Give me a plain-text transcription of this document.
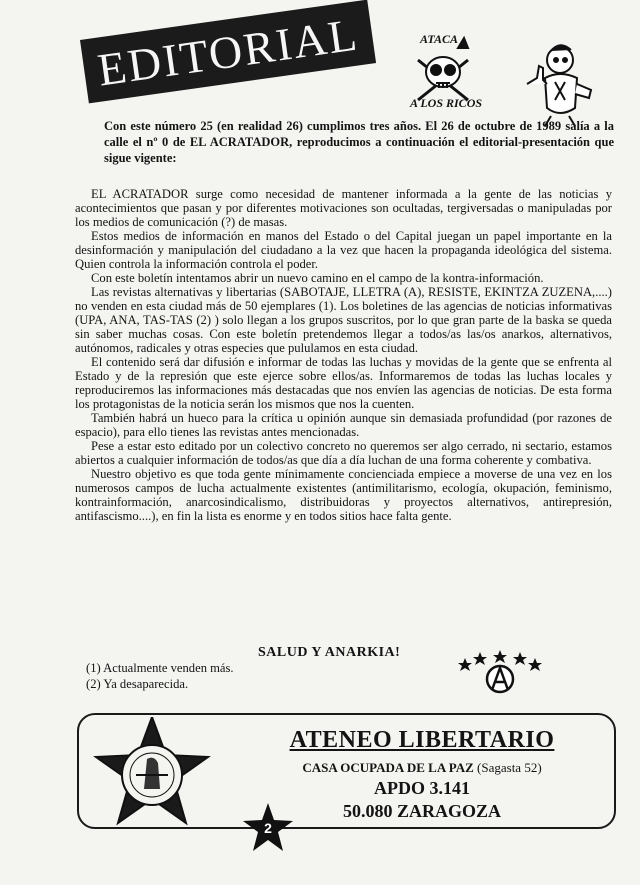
EDITORIAL	ATACA
A LOS RICOS
Con este número 25 (en realidad 26) cumplimos tres años. El 26 de octubre de 1989 salía a la calle el nº 0 de EL ACRATADOR, reproducimos a continuación el editorial-presentación que sigue vigente:

EL ACRATADOR surge como necesidad de mantener informada a la gente de las noticias y acontecimientos que pasan y por diferentes motivaciones son ocultadas, tergiversadas o manipuladas por los medios de comunicación (?) de masas.

Estos medios de información en manos del Estado o del Capital juegan un papel importante en la desinformación y manipulación del ciudadano a la vez que hacen la propaganda ideológica del sistema. Quien controla la información controla el poder.

Con este boletín intentamos abrir un nuevo camino en el campo de la kontra-información.

Las revistas alternativas y libertarias (SABOTAJE, LLETRA (A), RESISTE, EKINTZA ZUZENA,....) no venden en esta ciudad más de 50 ejemplares (1). Los boletines de las agencias de noticias informativas (UPA, ANA, TAS-TAS (2) ) solo llegan a los grupos suscritos, por lo que gran parte de la baska se queda sin saber muchas cosas. Con este boletín pretendemos llegar a todos/as las/os anarkos, alternativos, autónomos, radicales y otras especies que pululamos en esta ciudad.

El contenido será dar difusión e informar de todas las luchas y movidas de la gente que se enfrenta al Estado y de la represión que este ejerce sobre ellos/as. Informaremos de todas las luchas locales y reproduciremos las informaciones más destacadas que nos envíen las agencias de noticias. De esta forma los protagonistas de la noticia serán los mismos que nos la cuenten.

También habrá un hueco para la crítica u opinión aunque sin demasiada profundidad (por razones de espacio), para ello tienes las revistas antes mencionadas.

Pese a estar esto editado por un colectivo concreto no queremos ser algo cerrado, ni sectario, estamos abiertos a cualquier información de todos/as que día a día luchan de una forma coherente y combativa.

Nuestro objetivo es que toda gente mínimamente concienciada empiece a moverse de una vez en los numerosos campos de lucha actualmente existentes (antimilitarismo, ecología, okupación, feminismo, kontrainformación, anarcosindicalismo, distribuidoras y proyectos alternativos, antirepresión, antifascismo....), en fin la lista es enorme y en todos sitios hace falta gente.

SALUD Y ANARKIA!
(1) Actualmente venden más.
(2) Ya desaparecida.
ATENEO LIBERTARIO
CASA OCUPADA DE LA PAZ (Sagasta 52)
APDO 3.141
50.080 ZARAGOZA
2
